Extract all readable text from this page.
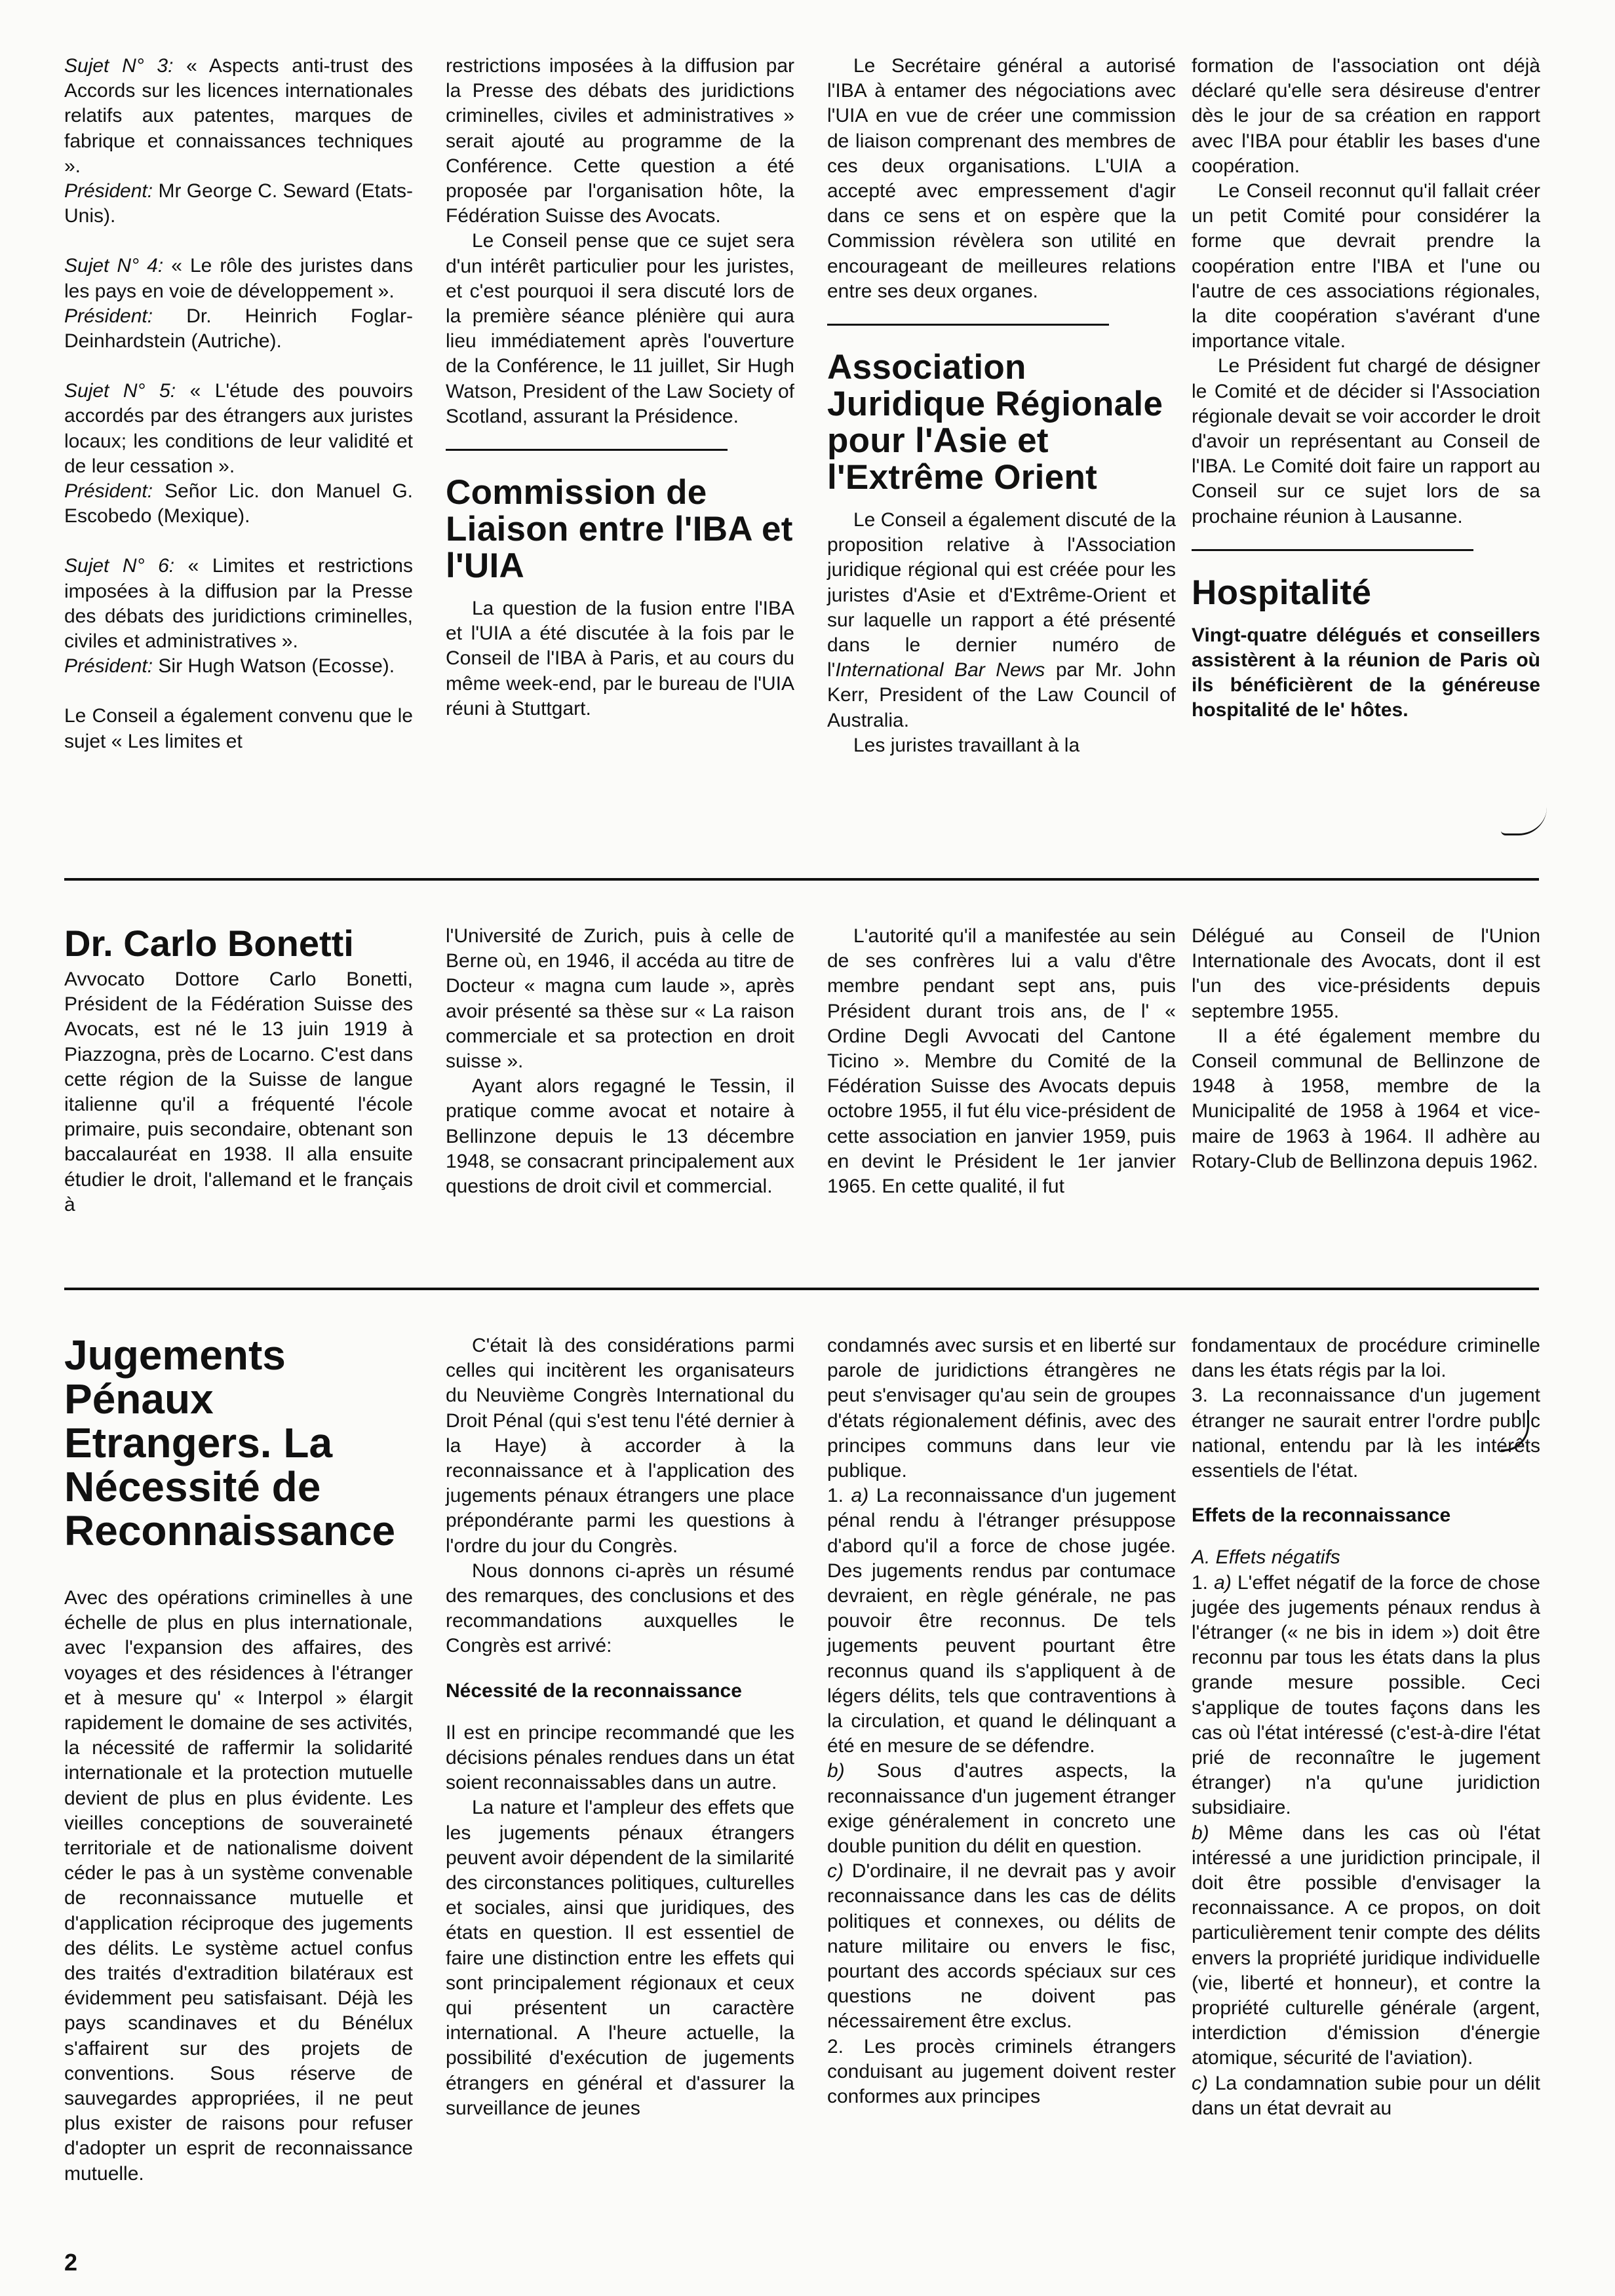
Sujet N° 3: « Aspects anti-trust des Accords sur les licences internationales relatifs aux patentes, marques de fabrique et connaissances techniques ».

Président: Mr George C. Seward (Etats-Unis).

Sujet N° 4: « Le rôle des juristes dans les pays en voie de développement ».

Président: Dr. Heinrich Foglar-Deinhardstein (Autriche).

Sujet N° 5: « L'étude des pouvoirs accordés par des étrangers aux juristes locaux; les conditions de leur validité et de leur cessation ».

Président: Señor Lic. don Manuel G. Escobedo (Mexique).

Sujet N° 6: « Limites et restrictions imposées à la diffusion par la Presse des débats des juridictions criminelles, civiles et administratives ».

Président: Sir Hugh Watson (Ecosse).

Le Conseil a également convenu que le sujet « Les limites et

restrictions imposées à la diffusion par la Presse des débats des juridictions criminelles, civiles et administratives » serait ajouté au programme de la Conférence. Cette question a été proposée par l'organisation hôte, la Fédération Suisse des Avocats.

Le Conseil pense que ce sujet sera d'un intérêt particulier pour les juristes, et c'est pourquoi il sera discuté lors de la première séance plénière qui aura lieu immédiatement après l'ouverture de la Conférence, le 11 juillet, Sir Hugh Watson, President of the Law Society of Scotland, assurant la Présidence.

Commission de Liaison entre l'IBA et l'UIA

La question de la fusion entre l'IBA et l'UIA a été discutée à la fois par le Conseil de l'IBA à Paris, et au cours du même week-end, par le bureau de l'UIA réuni à Stuttgart.

Le Secrétaire général a autorisé l'IBA à entamer des négociations avec l'UIA en vue de créer une commission de liaison comprenant des membres de ces deux organisations. L'UIA a accepté avec empressement d'agir dans ce sens et on espère que la Commission révèlera son utilité en encourageant de meilleures relations entre ses deux organes.

Association Juridique Régionale pour l'Asie et l'Extrême Orient

Le Conseil a également discuté de la proposition relative à l'Association juridique régional qui est créée pour les juristes d'Asie et d'Extrême-Orient et sur laquelle un rapport a été présenté dans le dernier numéro de l'International Bar News par Mr. John Kerr, President of the Law Council of Australia.

Les juristes travaillant à la

formation de l'association ont déjà déclaré qu'elle sera désireuse d'entrer dès le jour de sa création en rapport avec l'IBA pour établir les bases d'une coopération.

Le Conseil reconnut qu'il fallait créer un petit Comité pour considérer la forme que devrait prendre la coopération entre l'IBA et l'une ou l'autre de ces associations régionales, la dite coopération s'avérant d'une importance vitale.

Le Président fut chargé de désigner le Comité et de décider si l'Association régionale devait se voir accorder le droit d'avoir un représentant au Conseil de l'IBA. Le Comité doit faire un rapport au Conseil sur ce sujet lors de sa prochaine réunion à Lausanne.

Hospitalité

Vingt-quatre délégués et conseillers assistèrent à la réunion de Paris où ils bénéficièrent de la généreuse hospitalité de le' hôtes.

Dr. Carlo Bonetti

Avvocato Dottore Carlo Bonetti, Président de la Fédération Suisse des Avocats, est né le 13 juin 1919 à Piazzogna, près de Locarno. C'est dans cette région de la Suisse de langue italienne qu'il a fréquenté l'école primaire, puis secondaire, obtenant son baccalauréat en 1938. Il alla ensuite étudier le droit, l'allemand et le français à

l'Université de Zurich, puis à celle de Berne où, en 1946, il accéda au titre de Docteur « magna cum laude », après avoir présenté sa thèse sur « La raison commerciale et sa protection en droit suisse ».

Ayant alors regagné le Tessin, il pratique comme avocat et notaire à Bellinzone depuis le 13 décembre 1948, se consacrant principalement aux questions de droit civil et commercial.

L'autorité qu'il a manifestée au sein de ses confrères lui a valu d'être membre pendant sept ans, puis Président durant trois ans, de l' « Ordine Degli Avvocati del Cantone Ticino ». Membre du Comité de la Fédération Suisse des Avocats depuis octobre 1955, il fut élu vice-président de cette association en janvier 1959, puis en devint le Président le 1er janvier 1965. En cette qualité, il fut

Délégué au Conseil de l'Union Internationale des Avocats, dont il est l'un des vice-présidents depuis septembre 1955.

Il a été également membre du Conseil communal de Bellinzone de 1948 à 1958, membre de la Municipalité de 1958 à 1964 et vice-maire de 1963 à 1964. Il adhère au Rotary-Club de Bellinzona depuis 1962.

Jugements Pénaux Etrangers. La Nécessité de Reconnaissance

Avec des opérations criminelles à une échelle de plus en plus internationale, avec l'expansion des affaires, des voyages et des résidences à l'étranger et à mesure qu' « Interpol » élargit rapidement le domaine de ses activités, la nécessité de raffermir la solidarité internationale et la protection mutuelle devient de plus en plus évidente. Les vieilles conceptions de souveraineté territoriale et de nationalisme doivent céder le pas à un système convenable de reconnaissance mutuelle et d'application réciproque des jugements des délits. Le système actuel confus des traités d'extradition bilatéraux est évidemment peu satisfaisant. Déjà les pays scandinaves et du Bénélux s'affairent sur des projets de conventions. Sous réserve de sauvegardes appropriées, il ne peut plus exister de raisons pour refuser d'adopter un esprit de reconnaissance mutuelle.

C'était là des considérations parmi celles qui incitèrent les organisateurs du Neuvième Congrès International du Droit Pénal (qui s'est tenu l'été dernier à la Haye) à accorder à la reconnaissance et à l'application des jugements pénaux étrangers une place prépondérante parmi les questions à l'ordre du jour du Congrès.

Nous donnons ci-après un résumé des remarques, des conclusions et des recommandations auxquelles le Congrès est arrivé:

Nécessité de la reconnaissance

Il est en principe recommandé que les décisions pénales rendues dans un état soient reconnaissables dans un autre.

La nature et l'ampleur des effets que les jugements pénaux étrangers peuvent avoir dépendent de la similarité des circonstances politiques, culturelles et sociales, ainsi que juridiques, des états en question. Il est essentiel de faire une distinction entre les effets qui sont principalement régionaux et ceux qui présentent un caractère international. A l'heure actuelle, la possibilité d'exécution de jugements étrangers en général et d'assurer la surveillance de jeunes

condamnés avec sursis et en liberté sur parole de juridictions étrangères ne peut s'envisager qu'au sein de groupes d'états régionalement définis, avec des principes communs dans leur vie publique.

1. a) La reconnaissance d'un jugement pénal rendu à l'étranger présuppose d'abord qu'il a force de chose jugée. Des jugements rendus par contumace devraient, en règle générale, ne pas pouvoir être reconnus. De tels jugements peuvent pourtant être reconnus quand ils s'appliquent à de légers délits, tels que contraventions à la circulation, et quand le délinquant a été en mesure de se défendre.

b) Sous d'autres aspects, la reconnaissance d'un jugement étranger exige généralement in concreto une double punition du délit en question.

c) D'ordinaire, il ne devrait pas y avoir reconnaissance dans les cas de délits politiques et connexes, ou délits de nature militaire ou envers le fisc, pourtant des accords spéciaux sur ces questions ne doivent pas nécessairement être exclus.

2. Les procès criminels étrangers conduisant au jugement doivent rester conformes aux principes

fondamentaux de procédure criminelle dans les états régis par la loi.

3. La reconnaissance d'un jugement étranger ne saurait entrer l'ordre public national, entendu par là les intérêts essentiels de l'état.

Effets de la reconnaissance

A. Effets négatifs

1. a) L'effet négatif de la force de chose jugée des jugements pénaux rendus à l'étranger (« ne bis in idem ») doit être reconnu par tous les états dans la plus grande mesure possible. Ceci s'applique de toutes façons dans les cas où l'état intéressé (c'est-à-dire l'état prié de reconnaître le jugement étranger) n'a qu'une juridiction subsidiaire.

b) Même dans les cas où l'état intéressé a une juridiction principale, il doit être possible d'envisager la reconnaissance. A ce propos, on doit particulièrement tenir compte des délits envers la propriété juridique individuelle (vie, liberté et honneur), et contre la propriété culturelle générale (argent, interdiction d'émission d'énergie atomique, sécurité de l'aviation).

c) La condamnation subie pour un délit dans un état devrait au

2
